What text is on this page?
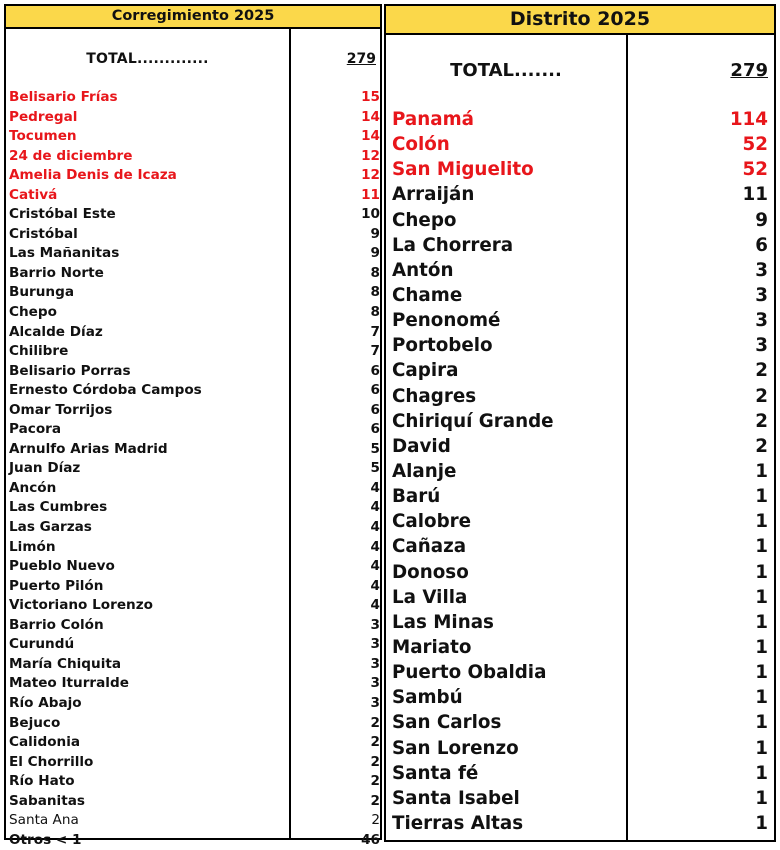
Corregimiento 2025
TOTAL.............	279
Belisario Frías	15
Pedregal	14
Tocumen	14
24 de diciembre	12
Amelia Denis de Icaza	12
Cativá	11
Cristóbal Este	10
Cristóbal	9
Las Mañanitas	9
Barrio Norte	8
Burunga	8
Chepo	8
Alcalde Díaz	7
Chilibre	7
Belisario Porras	6
Ernesto Córdoba Campos	6
Omar Torrijos	6
Pacora	6
Arnulfo Arias Madrid	5
Juan Díaz	5
Ancón	4
Las Cumbres	4
Las Garzas	4
Limón	4
Pueblo Nuevo	4
Puerto Pilón	4
Victoriano Lorenzo	4
Barrio Colón	3
Curundú	3
María Chiquita	3
Mateo Iturralde	3
Río Abajo	3
Bejuco	2
Calidonia	2
El Chorrillo	2
Río Hato	2
Sabanitas	2
Santa Ana	2
Otros < 1	46
Distrito 2025
TOTAL.......	279
Panamá	114
Colón	52
San Miguelito	52
Arraiján	11
Chepo	9
La Chorrera	6
Antón	3
Chame	3
Penonomé	3
Portobelo	3
Capira	2
Chagres	2
Chiriquí Grande	2
David	2
Alanje	1
Barú	1
Calobre	1
Cañaza	1
Donoso	1
La Villa	1
Las Minas	1
Mariato	1
Puerto Obaldia	1
Sambú	1
San Carlos	1
San Lorenzo	1
Santa fé	1
Santa Isabel	1
Tierras Altas	1
